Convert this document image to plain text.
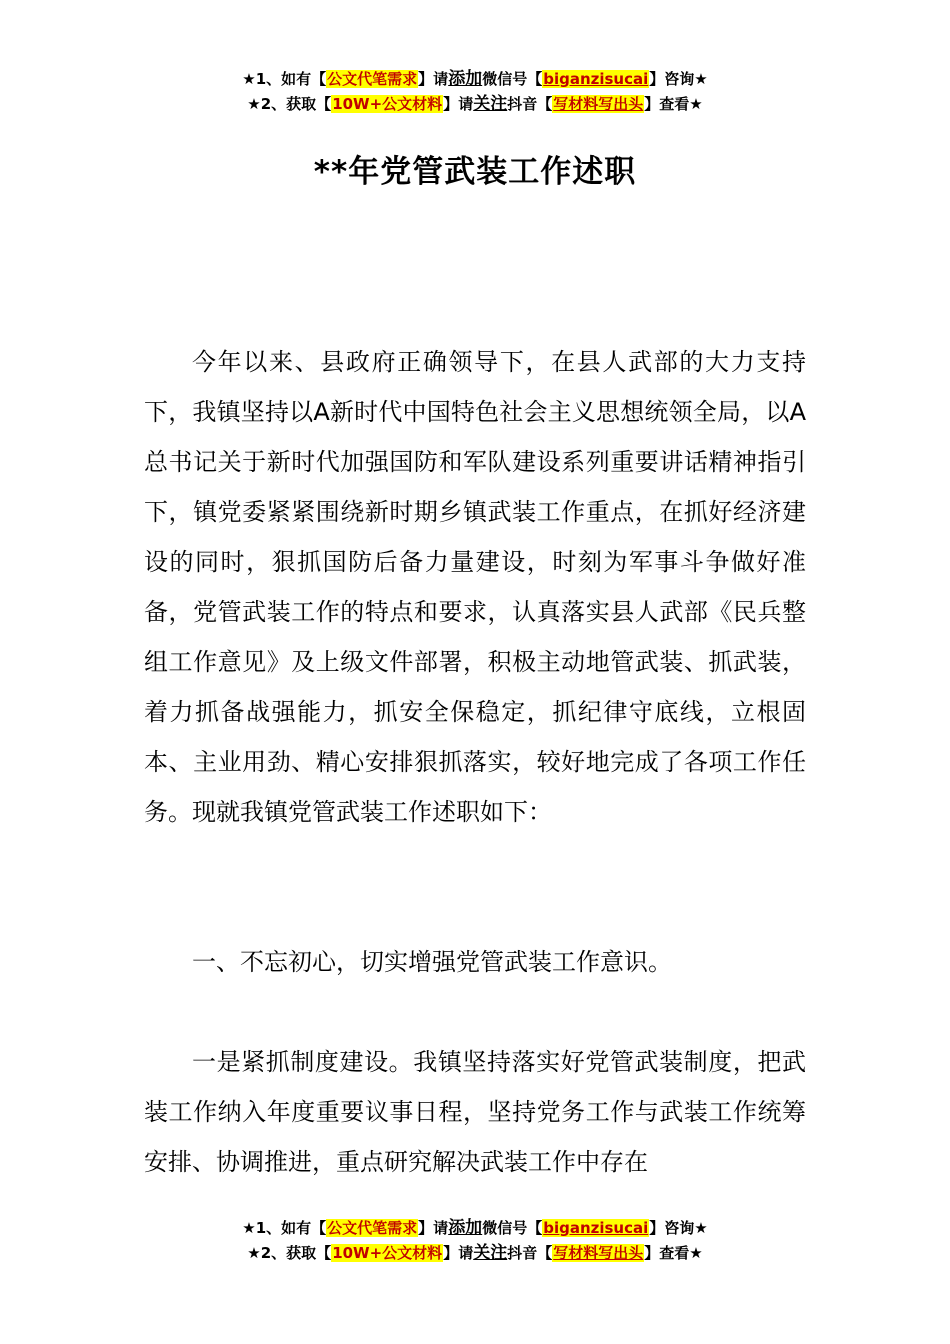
★1、如有【公文代笔需求】请添加微信号【biganzisucai】咨询★
★2、获取【10W+公文材料】请关注抖音【写材料写出头】查看★
**年党管武装工作述职

今年以来、县政府正确领导下，在县人武部的大力支持下，我镇坚持以A新时代中国特色社会主义思想统领全局，以A总书记关于新时代加强国防和军队建设系列重要讲话精神指引下，镇党委紧紧围绕新时期乡镇武装工作重点，在抓好经济建设的同时，狠抓国防后备力量建设，时刻为军事斗争做好准备，党管武装工作的特点和要求，认真落实县人武部《民兵整组工作意见》及上级文件部署，积极主动地管武装、抓武装，着力抓备战强能力，抓安全保稳定，抓纪律守底线，立根固本、主业用劲、精心安排狠抓落实，较好地完成了各项工作任务。现就我镇党管武装工作述职如下：

一、不忘初心，切实增强党管武装工作意识。

一是紧抓制度建设。我镇坚持落实好党管武装制度，把武装工作纳入年度重要议事日程，坚持党务工作与武装工作统筹安排、协调推进，重点研究解决武装工作中存在

★1、如有【公文代笔需求】请添加微信号【biganzisucai】咨询★
★2、获取【10W+公文材料】请关注抖音【写材料写出头】查看★
